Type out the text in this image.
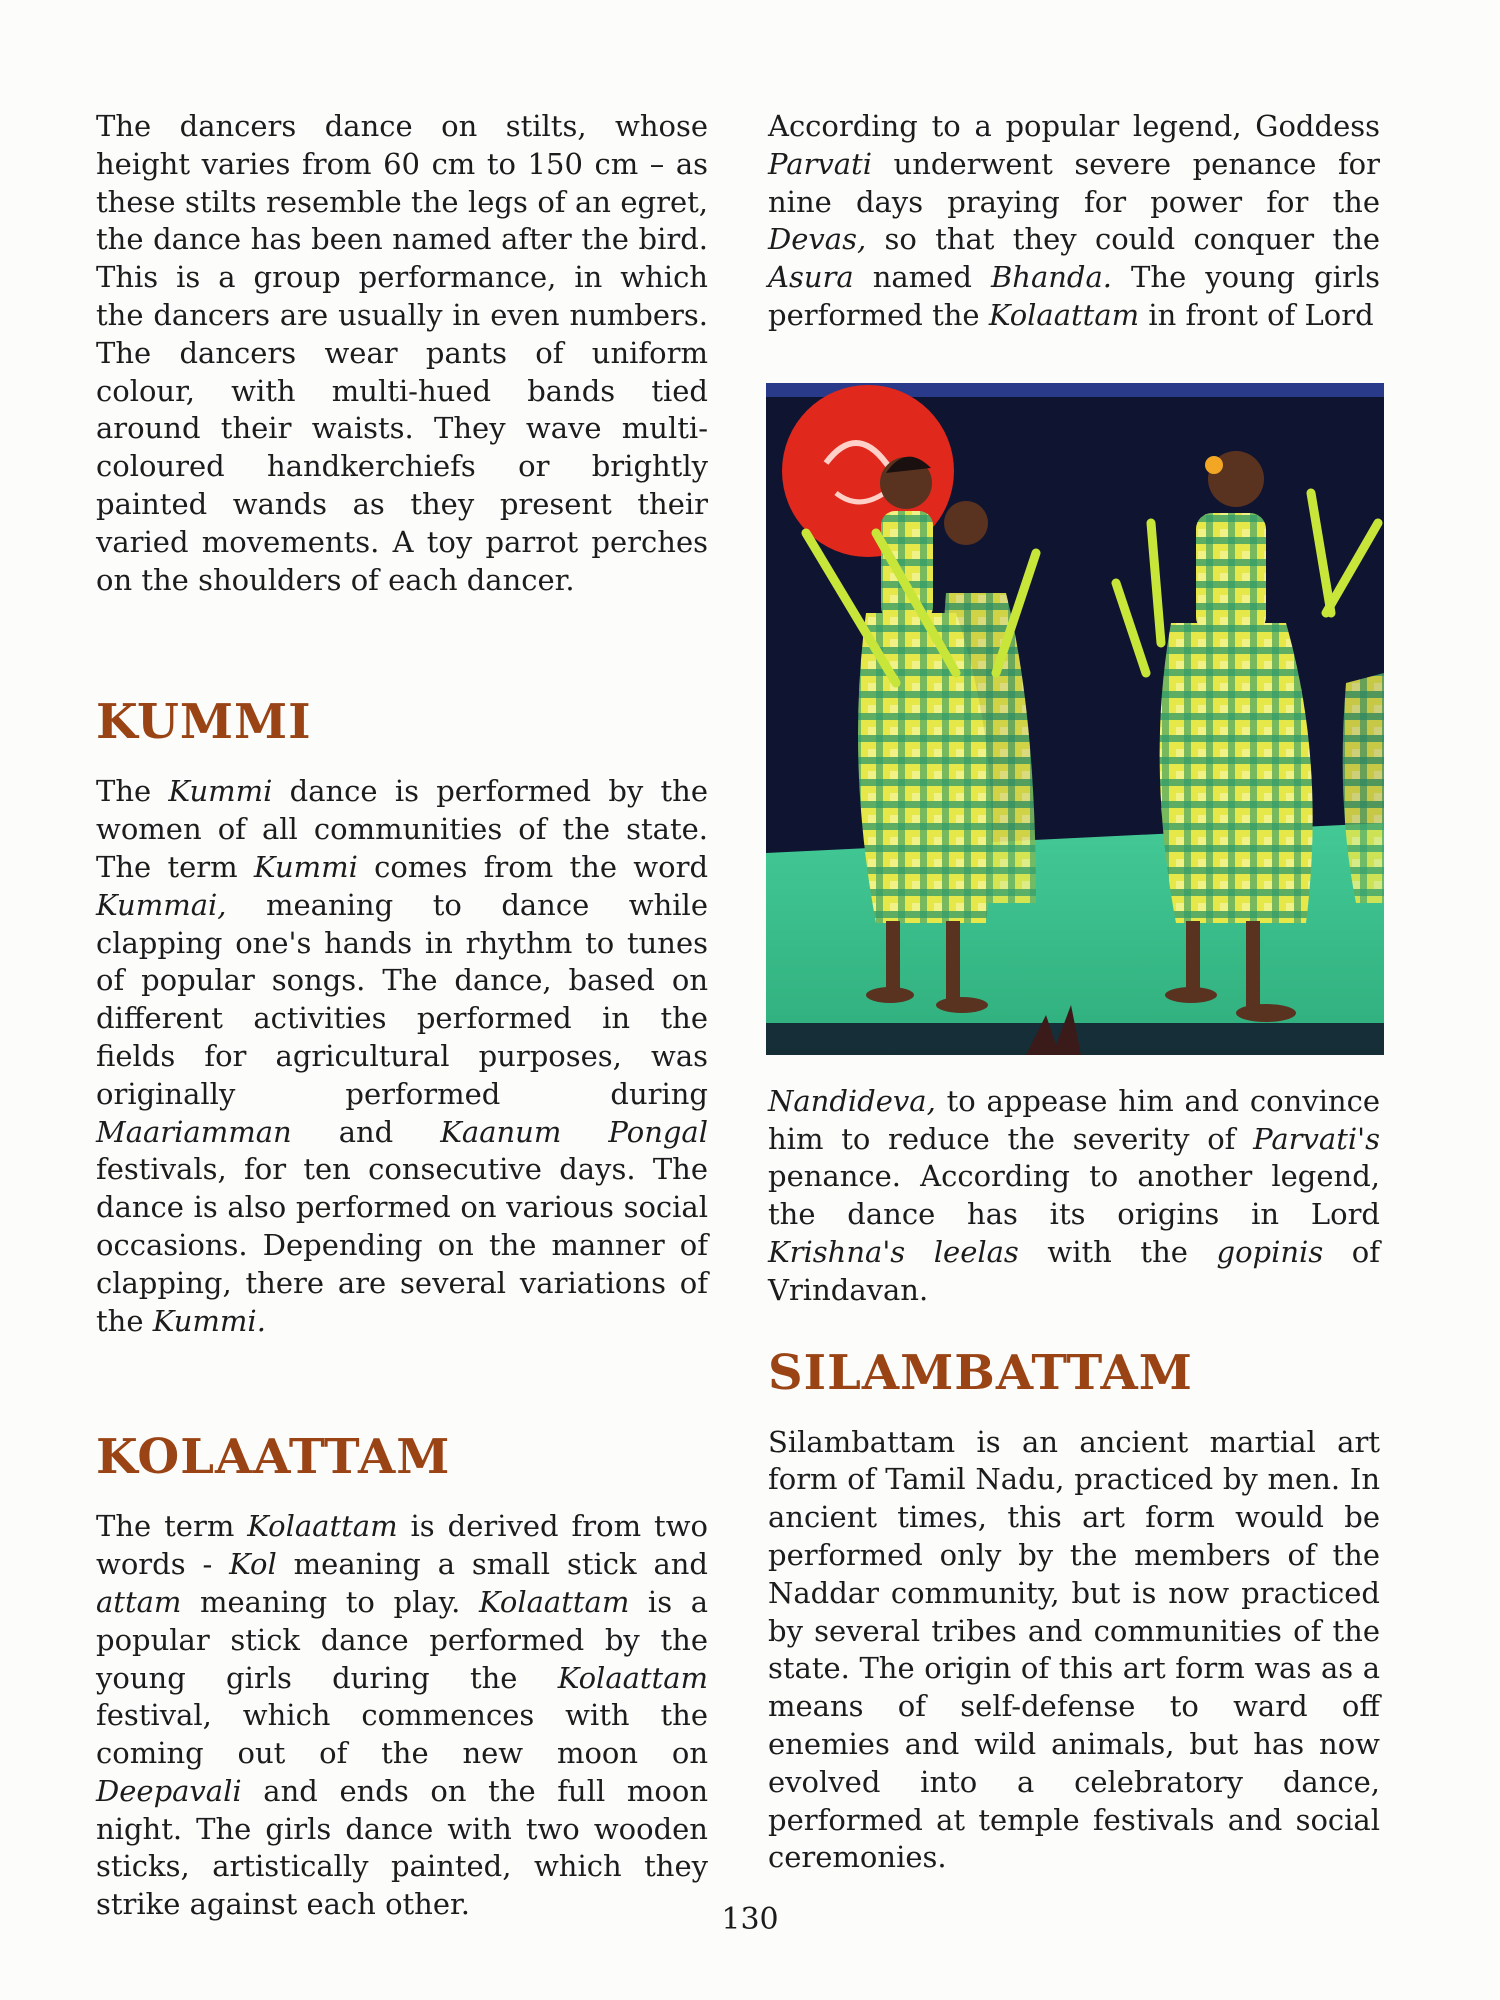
The dancers dance on stilts, whose height varies from 60 cm to 150 cm – as these stilts resemble the legs of an egret, the dance has been named after the bird. This is a group performance, in which the dancers are usually in even numbers. The dancers wear pants of uniform colour, with multi-hued bands tied around their waists. They wave multi-coloured handkerchiefs or brightly painted wands as they present their varied movements. A toy parrot perches on the shoulders of each dancer.

KUMMI

The Kummi dance is performed by the women of all communities of the state. The term Kummi comes from the word Kummai, meaning to dance while clapping one's hands in rhythm to tunes of popular songs. The dance, based on different activities performed in the fields for agricultural purposes, was originally performed during Maariamman and Kaanum Pongal festivals, for ten consecutive days. The dance is also performed on various social occasions. Depending on the manner of clapping, there are several variations of the Kummi.

KOLAATTAM

The term Kolaattam is derived from two words - Kol meaning a small stick and attam meaning to play. Kolaattam is a popular stick dance performed by the young girls during the Kolaattam festival, which commences with the coming out of the new moon on Deepavali and ends on the full moon night. The girls dance with two wooden sticks, artistically painted, which they strike against each other.

According to a popular legend, Goddess Parvati underwent severe penance for nine days praying for power for the Devas, so that they could conquer the Asura named Bhanda. The young girls performed the Kolaattam in front of Lord

Nandideva, to appease him and convince him to reduce the severity of Parvati's penance. According to another legend, the dance has its origins in Lord Krishna's leelas with the gopinis of Vrindavan.

SILAMBATTAM

Silambattam is an ancient martial art form of Tamil Nadu, practiced by men. In ancient times, this art form would be performed only by the members of the Naddar community, but is now practiced by several tribes and communities of the state. The origin of this art form was as a means of self-defense to ward off enemies and wild animals, but has now evolved into a celebratory dance, performed at temple festivals and social ceremonies.

130
